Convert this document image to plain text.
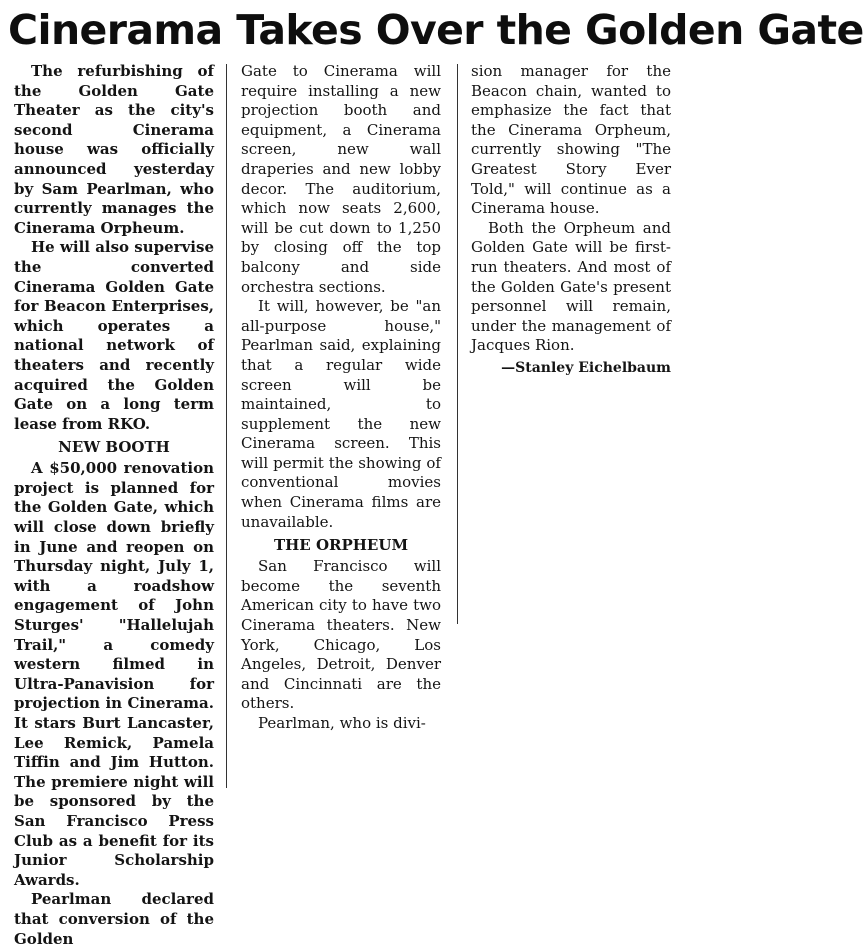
Cinerama Takes Over the Golden Gate

The refurbishing of the Golden Gate Theater as the city's second Cinerama house was officially announced yesterday by Sam Pearlman, who currently manages the Cinerama Orpheum.

He will also supervise the converted Cinerama Golden Gate for Beacon Enterprises, which operates a national network of theaters and recently acquired the Golden Gate on a long term lease from RKO.

NEW BOOTH

A $50,000 renovation project is planned for the Golden Gate, which will close down briefly in June and reopen on Thursday night, July 1, with a roadshow engagement of John Sturges' "Hallelujah Trail," a comedy western filmed in Ultra-Panavision for projection in Cinerama. It stars Burt Lancaster, Lee Remick, Pamela Tiffin and Jim Hutton. The premiere night will be sponsored by the San Francisco Press Club as a benefit for its Junior Scholarship Awards.

Pearlman declared that conversion of the Golden

Gate to Cinerama will require installing a new projection booth and equipment, a Cinerama screen, new wall draperies and new lobby decor. The auditorium, which now seats 2,600, will be cut down to 1,250 by closing off the top balcony and side orchestra sections.

It will, however, be "an all-purpose house," Pearlman said, explaining that a regular wide screen will be maintained, to supplement the new Cinerama screen. This will permit the showing of conventional movies when Cinerama films are unavailable.

THE ORPHEUM

San Francisco will become the seventh American city to have two Cinerama theaters. New York, Chicago, Los Angeles, Detroit, Denver and Cincinnati are the others.

Pearlman, who is divi-

sion manager for the Beacon chain, wanted to emphasize the fact that the Cinerama Orpheum, currently showing "The Greatest Story Ever Told," will continue as a Cinerama house.

Both the Orpheum and Golden Gate will be first-run theaters. And most of the Golden Gate's present personnel will remain, under the management of Jacques Rion.

—Stanley Eichelbaum
